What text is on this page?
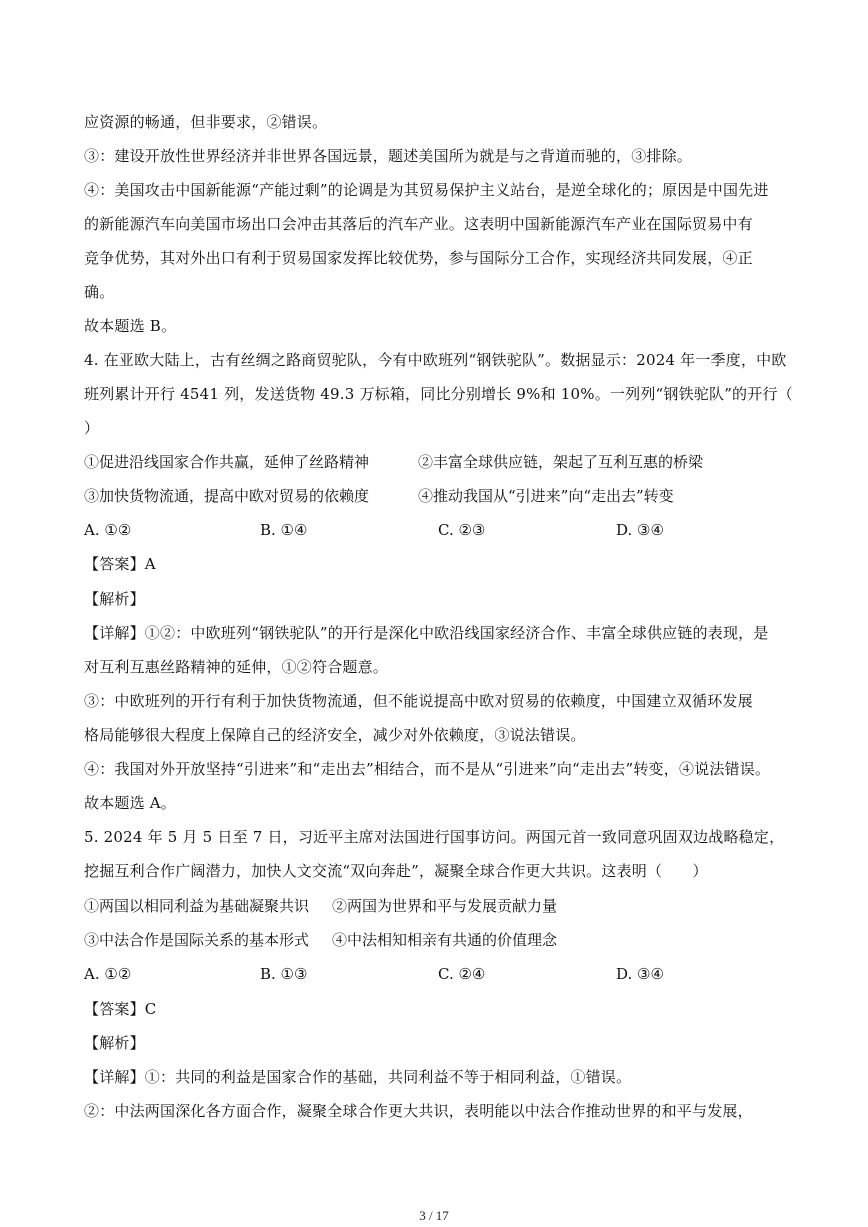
应资源的畅通，但非要求，②错误。
③：建设开放性世界经济并非世界各国远景，题述美国所为就是与之背道而驰的，③排除。
④：美国攻击中国新能源“产能过剩”的论调是为其贸易保护主义站台，是逆全球化的；原因是中国先进
的新能源汽车向美国市场出口会冲击其落后的汽车产业。这表明中国新能源汽车产业在国际贸易中有
竞争优势，其对外出口有利于贸易国家发挥比较优势，参与国际分工合作，实现经济共同发展，④正
确。
故本题选 B。
4. 在亚欧大陆上，古有丝绸之路商贸驼队，今有中欧班列“钢铁驼队”。数据显示：2024 年一季度，中欧
班列累计开行 4541 列，发送货物 49.3 万标箱，同比分别增长 9%和 10%。一列列“钢铁驼队”的开行（
）
①促进沿线国家合作共赢，延伸了丝路精神	②丰富全球供应链，架起了互利互惠的桥梁
③加快货物流通，提高中欧对贸易的依赖度	④推动我国从“引进来”向“走出去”转变
A. ①②	B. ①④	C. ②③	D. ③④
【答案】A
【解析】
【详解】①②：中欧班列“钢铁驼队”的开行是深化中欧沿线国家经济合作、丰富全球供应链的表现，是
对互利互惠丝路精神的延伸，①②符合题意。
③：中欧班列的开行有利于加快货物流通，但不能说提高中欧对贸易的依赖度，中国建立双循环发展
格局能够很大程度上保障自己的经济安全，减少对外依赖度，③说法错误。
④：我国对外开放坚持“引进来”和“走出去”相结合，而不是从“引进来”向“走出去”转变，④说法错误。
故本题选 A。
5. 2024 年 5 月 5 日至 7 日，习近平主席对法国进行国事访问。两国元首一致同意巩固双边战略稳定，
挖掘互利合作广阔潜力，加快人文交流“双向奔赴”，凝聚全球合作更大共识。这表明（　　）
①两国以相同利益为基础凝聚共识 ②两国为世界和平与发展贡献力量
③中法合作是国际关系的基本形式 ④中法相知相亲有共通的价值理念
A. ①②	B. ①③	C. ②④	D. ③④
【答案】C
【解析】
【详解】①：共同的利益是国家合作的基础，共同利益不等于相同利益，①错误。
②：中法两国深化各方面合作，凝聚全球合作更大共识，表明能以中法合作推动世界的和平与发展，
3 / 17
